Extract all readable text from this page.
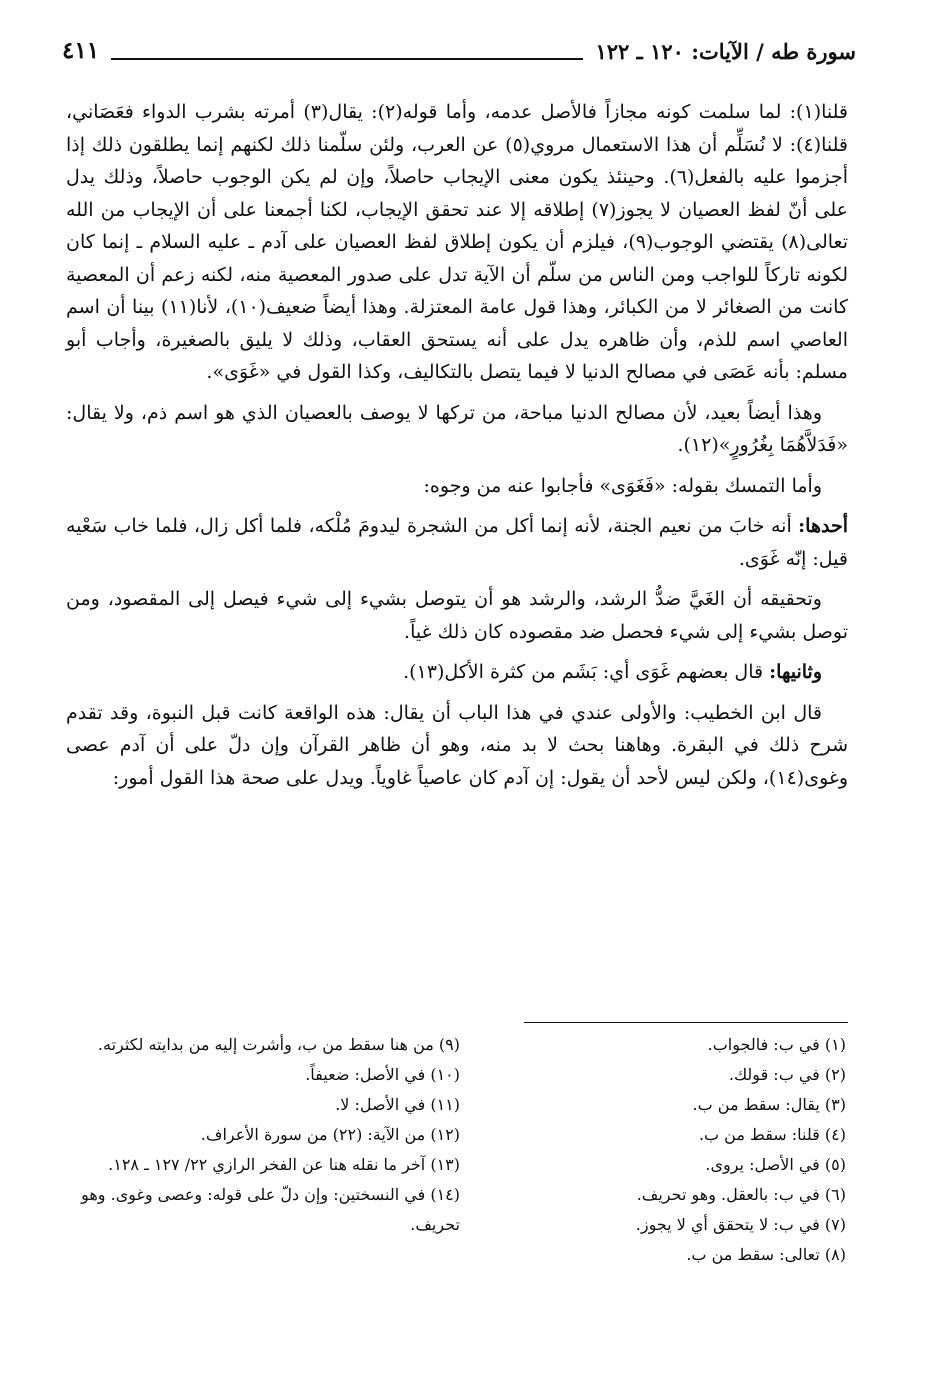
سورة طه / الآيات: ١٢٠ ـ ١٢٢
٤١١

قلنا(١): لما سلمت كونه مجازاً فالأصل عدمه، وأما قوله(٢): يقال(٣) أمرته بشرب الدواء فعَصَاني، قلنا(٤): لا نُسَلِّم أن هذا الاستعمال مروي(٥) عن العرب، ولئن سلّمنا ذلك لكنهم إنما يطلقون ذلك إذا أجزموا عليه بالفعل(٦). وحينئذ يكون معنى الإيجاب حاصلاً، وإن لم يكن الوجوب حاصلاً، وذلك يدل على أنّ لفظ العصيان لا يجوز(٧) إطلاقه إلا عند تحقق الإيجاب، لكنا أجمعنا على أن الإيجاب من الله تعالى(٨) يقتضي الوجوب(٩)، فيلزم أن يكون إطلاق لفظ العصيان على آدم ـ عليه السلام ـ إنما كان لكونه تاركاً للواجب ومن الناس من سلّم أن الآية تدل على صدور المعصية منه، لكنه زعم أن المعصية كانت من الصغائر لا من الكبائر، وهذا قول عامة المعتزلة. وهذا أيضاً ضعيف(١٠)، لأنا(١١) بينا أن اسم العاصي اسم للذم، وأن ظاهره يدل على أنه يستحق العقاب، وذلك لا يليق بالصغيرة، وأجاب أبو مسلم: بأنه عَصَى في مصالح الدنيا لا فيما يتصل بالتكاليف، وكذا القول في «غَوَى».

وهذا أيضاً بعيد، لأن مصالح الدنيا مباحة، من تركها لا يوصف بالعصيان الذي هو اسم ذم، ولا يقال: «فَدَلاَّهُمَا بِغُرُورٍ»(١٢).

وأما التمسك بقوله: «فَغَوَى» فأجابوا عنه من وجوه:

أحدها: أنه خابَ من نعيم الجنة، لأنه إنما أكل من الشجرة ليدومَ مُلْكه، فلما أكل زال، فلما خاب سَعْيه قيل: إنّه غَوَى.

وتحقيقه أن الغَيَّ ضدُّ الرشد، والرشد هو أن يتوصل بشيء إلى شيء فيصل إلى المقصود، ومن توصل بشيء إلى شيء فحصل ضد مقصوده كان ذلك غياً.

وثانيها: قال بعضهم غَوَى أي: بَشَم من كثرة الأكل(١٣).

قال ابن الخطيب: والأولى عندي في هذا الباب أن يقال: هذه الواقعة كانت قبل النبوة، وقد تقدم شرح ذلك في البقرة. وهاهنا بحث لا بد منه، وهو أن ظاهر القرآن وإن دلّ على أن آدم عصى وغوى(١٤)، ولكن ليس لأحد أن يقول: إن آدم كان عاصياً غاوياً. ويدل على صحة هذا القول أمور:

(١) في ب: فالجواب.

(٢) في ب: قولك.

(٣) يقال: سقط من ب.

(٤) قلنا: سقط من ب.

(٥) في الأصل: يروى.

(٦) في ب: بالعقل. وهو تحريف.

(٧) في ب: لا يتحقق أي لا يجوز.

(٨) تعالى: سقط من ب.

(٩) من هنا سقط من ب، وأشرت إليه من بدايته لكثرته.

(١٠) في الأصل: ضعيفاً.

(١١) في الأصل: لا.

(١٢) من الآية: (٢٢) من سورة الأعراف.

(١٣) آخر ما نقله هنا عن الفخر الرازي ٢٢/ ١٢٧ ـ ١٢٨.

(١٤) في النسختين: وإن دلّ على قوله: وعصى وغوى. وهو تحريف.
